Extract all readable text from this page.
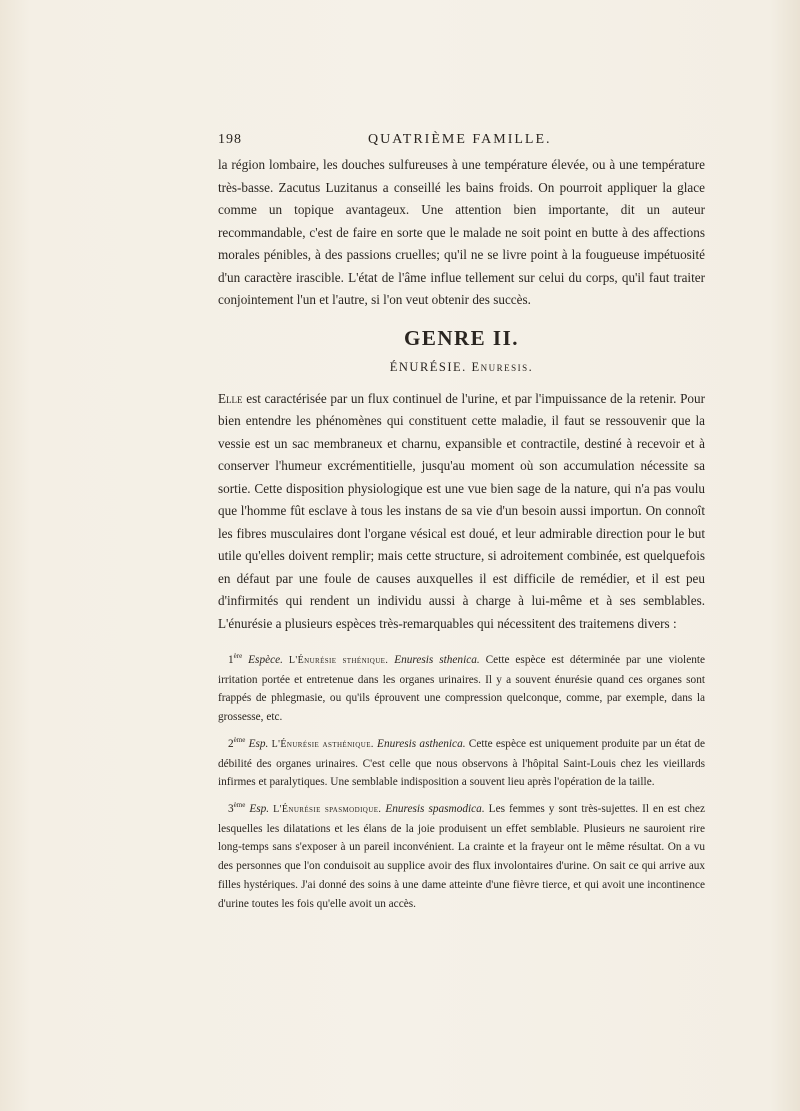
198	QUATRIÈME FAMILLE.

la région lombaire, les douches sulfureuses à une température élevée, ou à une température très-basse. Zacutus Luzitanus a conseillé les bains froids. On pourroit appliquer la glace comme un topique avantageux. Une attention bien importante, dit un auteur recommandable, c'est de faire en sorte que le malade ne soit point en butte à des affections morales pénibles, à des passions cruelles; qu'il ne se livre point à la fougueuse impétuosité d'un caractère irascible. L'état de l'âme influe tellement sur celui du corps, qu'il faut traiter conjointement l'un et l'autre, si l'on veut obtenir des succès.

GENRE II.
ÉNURÉSIE. Enuresis.

Elle est caractérisée par un flux continuel de l'urine, et par l'impuissance de la retenir. Pour bien entendre les phénomènes qui constituent cette maladie, il faut se ressouvenir que la vessie est un sac membraneux et charnu, expansible et contractile, destiné à recevoir et à conserver l'humeur excrémentitielle, jusqu'au moment où son accumulation nécessite sa sortie. Cette disposition physiologique est une vue bien sage de la nature, qui n'a pas voulu que l'homme fût esclave à tous les instans de sa vie d'un besoin aussi importun. On connoît les fibres musculaires dont l'organe vésical est doué, et leur admirable direction pour le but utile qu'elles doivent remplir; mais cette structure, si adroitement combinée, est quelquefois en défaut par une foule de causes auxquelles il est difficile de remédier, et il est peu d'infirmités qui rendent un individu aussi à charge à lui-même et à ses semblables. L'énurésie a plusieurs espèces très-remarquables qui nécessitent des traitemens divers :

1ère Espèce. L'Énurésie sthénique. Enuresis sthenica. Cette espèce est déterminée par une violente irritation portée et entretenue dans les organes urinaires. Il y a souvent énurésie quand ces organes sont frappés de phlegmasie, ou qu'ils éprouvent une compression quelconque, comme, par exemple, dans la grossesse, etc.

2ème Esp. L'Énurésie asthénique. Enuresis asthenica. Cette espèce est uniquement produite par un état de débilité des organes urinaires. C'est celle que nous observons à l'hôpital Saint-Louis chez les vieillards infirmes et paralytiques. Une semblable indisposition a souvent lieu après l'opération de la taille.

3ème Esp. L'Énurésie spasmodique. Enuresis spasmodica. Les femmes y sont très-sujettes. Il en est chez lesquelles les dilatations et les élans de la joie produisent un effet semblable. Plusieurs ne sauroient rire long-temps sans s'exposer à un pareil inconvénient. La crainte et la frayeur ont le même résultat. On a vu des personnes que l'on conduisoit au supplice avoir des flux involontaires d'urine. On sait ce qui arrive aux filles hystériques. J'ai donné des soins à une dame atteinte d'une fièvre tierce, et qui avoit une incontinence d'urine toutes les fois qu'elle avoit un accès.
